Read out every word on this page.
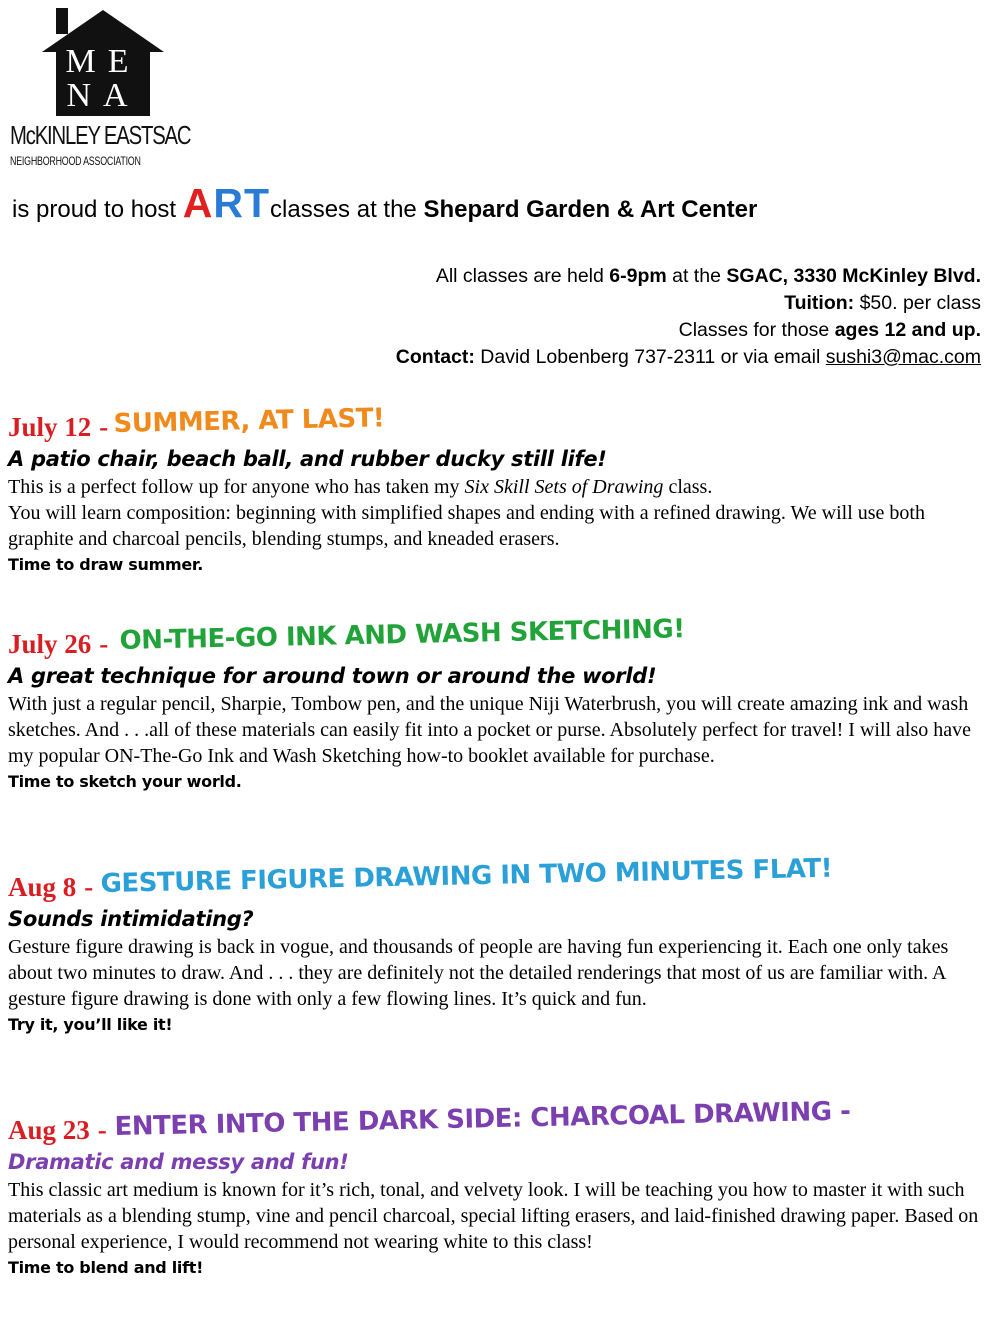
ME
NA
McKINLEY EASTSAC
NEIGHBORHOOD ASSOCIATION
is proud to host ARTclasses at the Shepard Garden & Art Center
All classes are held 6-9pm at the SGAC, 3330 McKinley Blvd.
Tuition: $50. per class
Classes for those ages 12 and up.
Contact: David Lobenberg 737-2311 or via email sushi3@mac.com
July 12 - SUMMER, AT LAST!
A patio chair, beach ball, and rubber ducky still life!
This is a perfect follow up for anyone who has taken my Six Skill Sets of Drawing class.
You will learn composition: beginning with simplified shapes and ending with a refined drawing. We will use both graphite and charcoal pencils, blending stumps, and kneaded erasers.
Time to draw summer.
July 26 - ON-THE-GO INK AND WASH SKETCHING!
A great technique for around town or around the world!
With just a regular pencil, Sharpie, Tombow pen, and the unique Niji Waterbrush, you will create amazing ink and wash sketches. And . . .all of these materials can easily fit into a pocket or purse. Absolutely perfect for travel! I will also have my popular ON-The-Go Ink and Wash Sketching how-to booklet available for purchase.
Time to sketch your world.
Aug 8 - GESTURE FIGURE DRAWING IN TWO MINUTES FLAT!
Sounds intimidating?
Gesture figure drawing is back in vogue, and thousands of people are having fun experiencing it. Each one only takes about two minutes to draw. And . . . they are definitely not the detailed renderings that most of us are familiar with. A gesture figure drawing is done with only a few flowing lines. It’s quick and fun.
Try it, you’ll like it!
Aug 23 - ENTER INTO THE DARK SIDE: CHARCOAL DRAWING -
Dramatic and messy and fun!
This classic art medium is known for it’s rich, tonal, and velvety look. I will be teaching you how to master it with such materials as a blending stump, vine and pencil charcoal, special lifting erasers, and laid-finished drawing paper. Based on personal experience, I would recommend not wearing white to this class!
Time to blend and lift!
